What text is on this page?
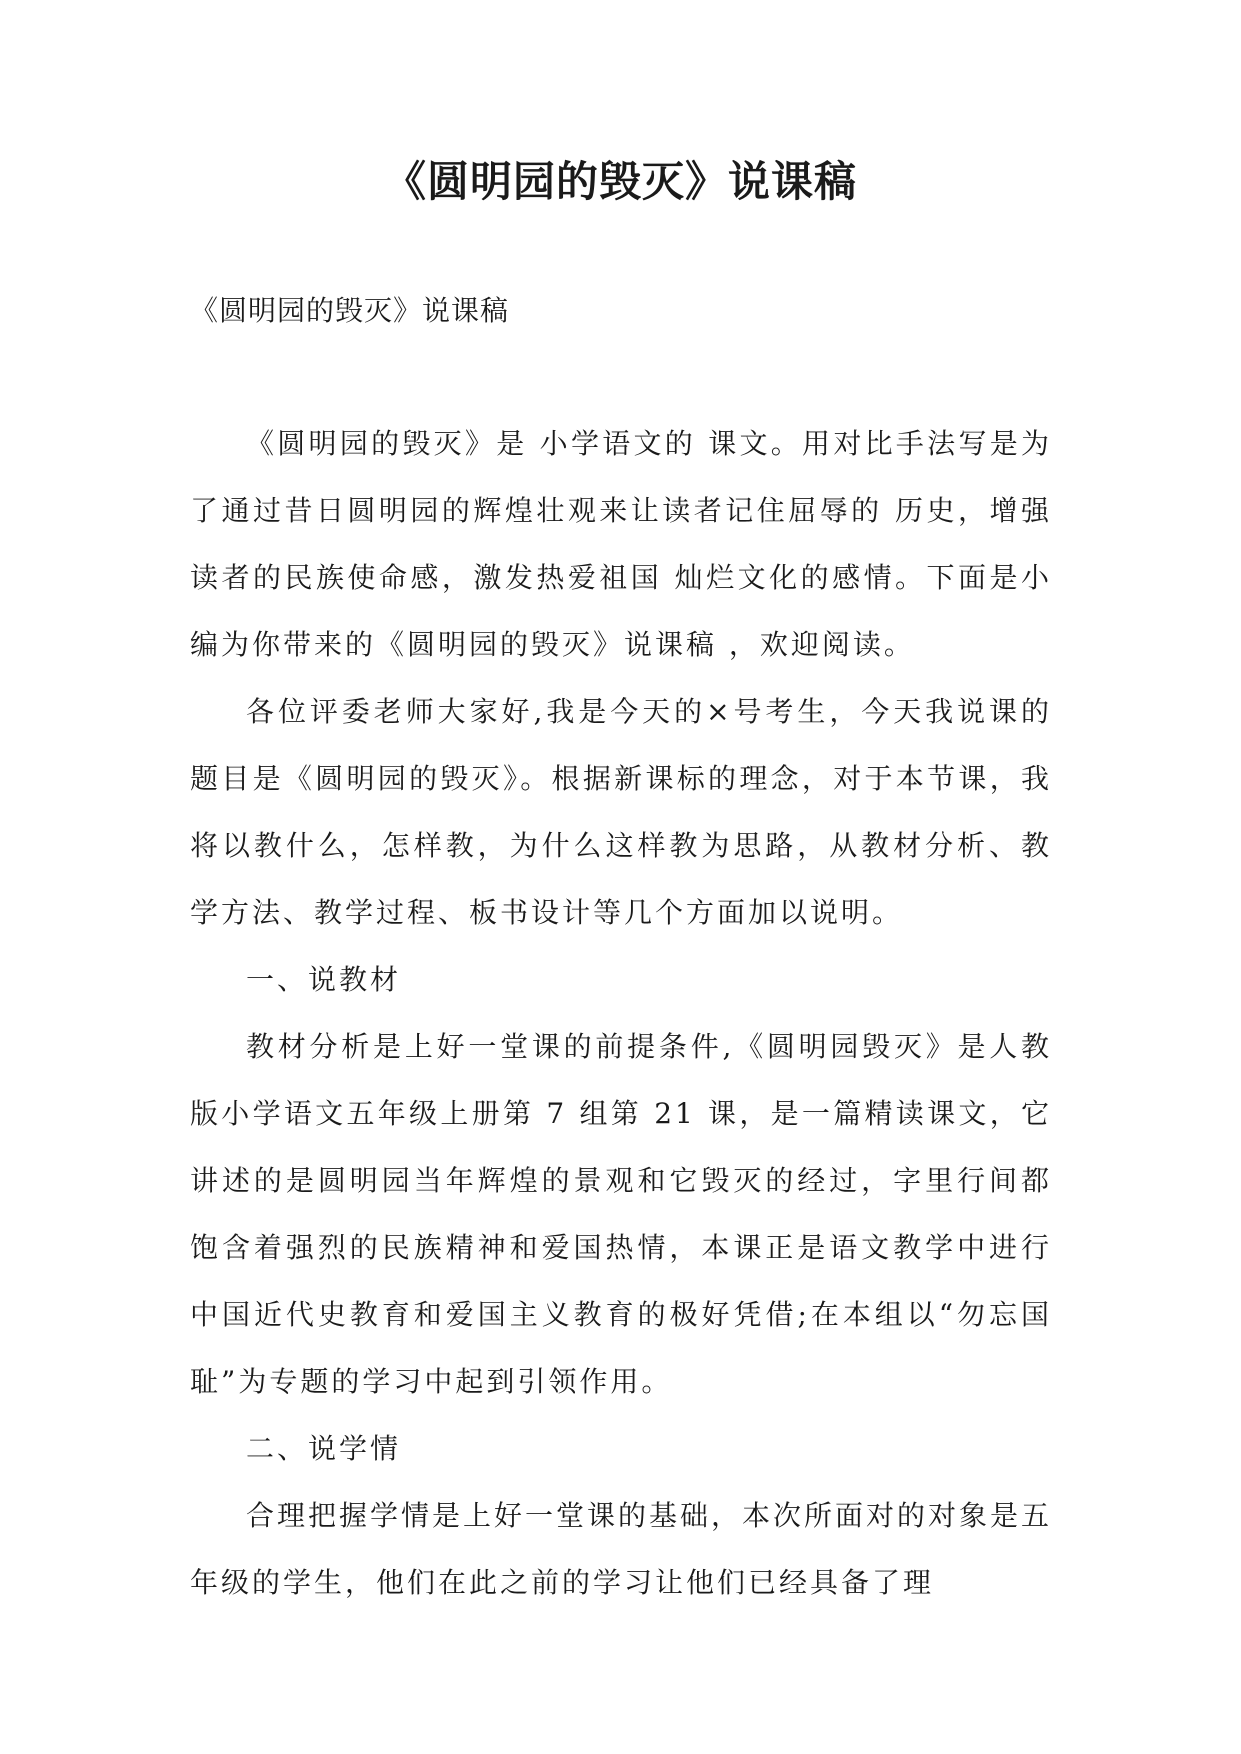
《圆明园的毁灭》说课稿

《圆明园的毁灭》说课稿

《圆明园的毁灭》是 小学语文的 课文。用对比手法写是为了通过昔日圆明园的辉煌壮观来让读者记住屈辱的 历史，增强读者的民族使命感，激发热爱祖国 灿烂文化的感情。下面是小编为你带来的《圆明园的毁灭》说课稿 ，欢迎阅读。

各位评委老师大家好,我是今天的×号考生，今天我说课的题目是《圆明园的毁灭》。根据新课标的理念，对于本节课，我将以教什么，怎样教，为什么这样教为思路，从教材分析、教学方法、教学过程、板书设计等几个方面加以说明。

一、说教材

教材分析是上好一堂课的前提条件,《圆明园毁灭》是人教版小学语文五年级上册第 7 组第 21 课，是一篇精读课文，它讲述的是圆明园当年辉煌的景观和它毁灭的经过，字里行间都饱含着强烈的民族精神和爱国热情，本课正是语文教学中进行中国近代史教育和爱国主义教育的极好凭借;在本组以“勿忘国耻”为专题的学习中起到引领作用。

二、说学情

合理把握学情是上好一堂课的基础，本次所面对的对象是五年级的学生，他们在此之前的学习让他们已经具备了理
